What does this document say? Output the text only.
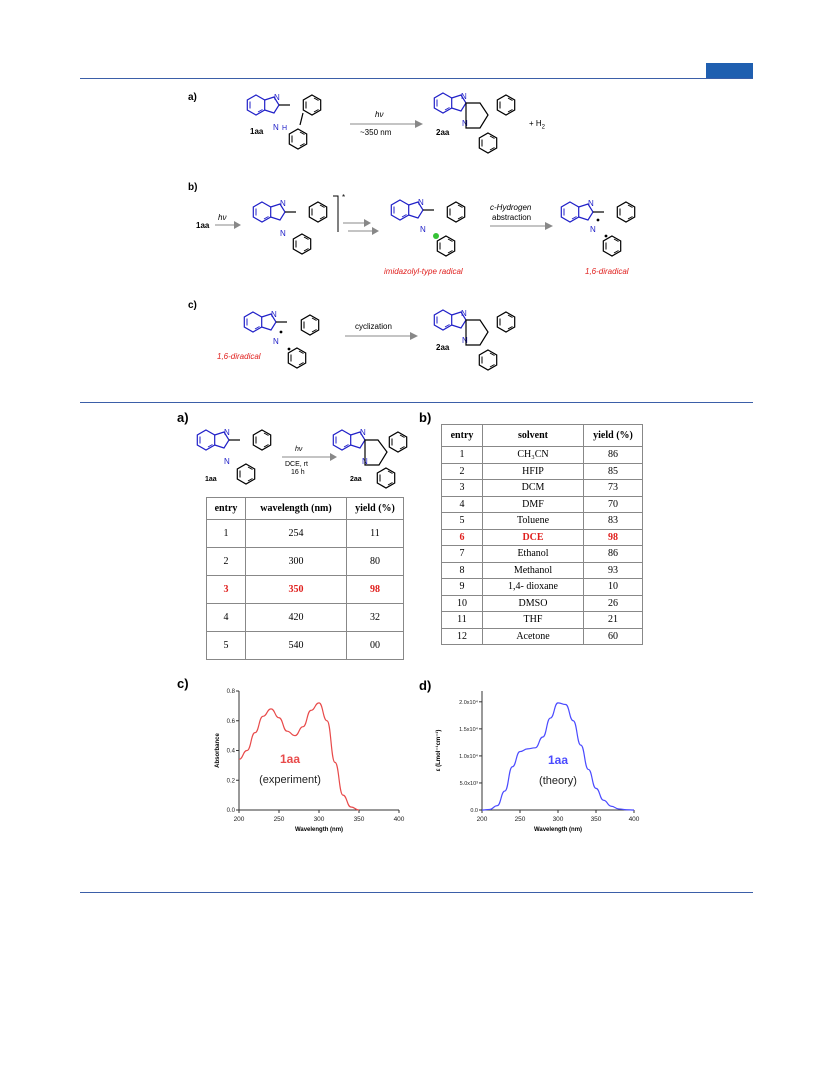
a)
b)
c)
N
N H
N
N
N
N
N
N
N
N
N
N
N
N
1aa
hν
~350 nm	2aa
+ $H_2$
1aa
hν
*
c-Hydrogen
abstraction
imidazolyl-type radical	1,6-diradical
1,6-diradical
cyclization
2aa
a)	b)
c)	d)
N
N
N
N
1aa
hν
DCE, rt
16 h
2aa
entry	wavelength (nm)	yield (%)
1	254	11
2	300	80
3	350	98
4	420	32
5	540	00
entry	solvent	yield (%)
1	CH₃CN	86
2	HFIP	85
3	DCM	73
4	DMF	70
5	Toluene	83
6	DCE	98
7	Ethanol	86
8	Methanol	93
9	1,4- dioxane	10
10	DMSO	26
11	THF	21
12	Acetone	60
200	250	300	350	400
0.0
0.2
0.4
0.6
0.8
Wavelength (nm)
Absorbance	1aa
(experiment)
200	250	300	350	400
0.0
5.0x10³
1.0x10⁴
1.5x10⁴
2.0x10⁴
Wavelength (nm)
ε (Lmol⁻¹cm⁻¹)	1aa
(theory)
